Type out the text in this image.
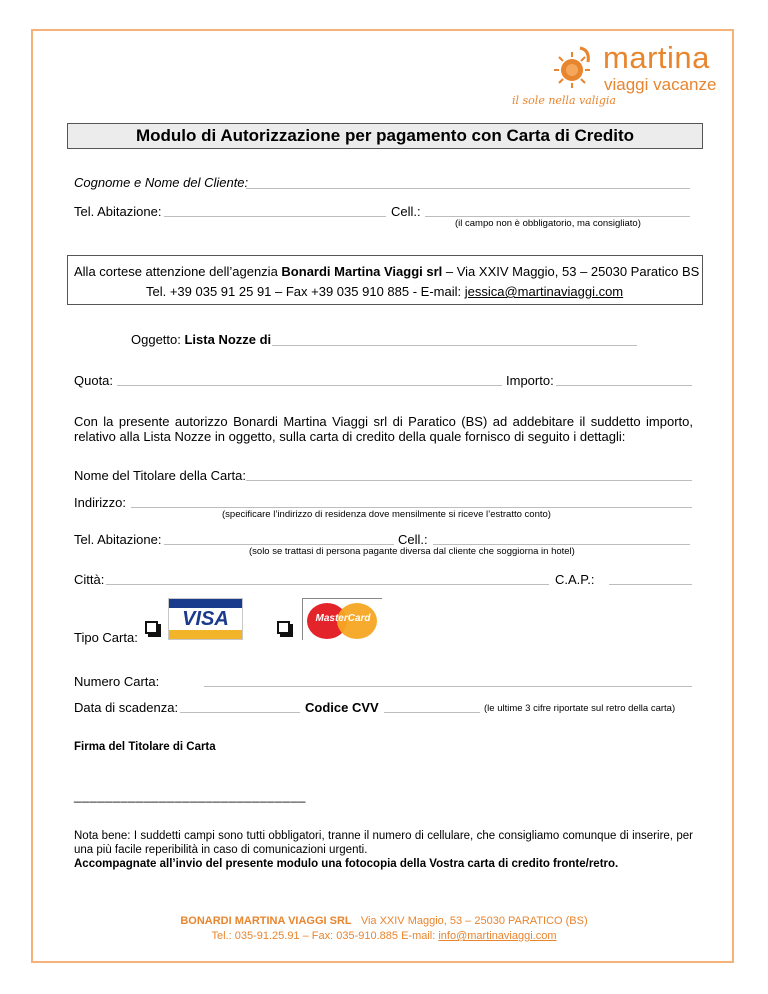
martina
viaggi vacanze
il sole nella valigia
Modulo di Autorizzazione per pagamento con Carta di Credito
Cognome e Nome del Cliente:
Tel. Abitazione:	Cell.:
(il campo non è obbligatorio, ma consigliato)
Alla cortese attenzione dell’agenzia Bonardi Martina Viaggi srl – Via XXIV Maggio, 53 – 25030 Paratico BS
Tel. +39 035 91 25 91 – Fax +39 035 910 885 - E-mail: jessica@martinaviaggi.com
Oggetto: Lista Nozze di
Quota:	Importo:
Con la presente autorizzo Bonardi Martina Viaggi srl di Paratico (BS) ad addebitare il suddetto importo, relativo alla Lista Nozze in oggetto, sulla carta di credito della quale fornisco di seguito i dettagli:
Nome del Titolare della Carta:
Indirizzo:
(specificare l’indirizzo di residenza dove mensilmente si riceve l’estratto conto)
Tel. Abitazione:	Cell.:
(solo se trattasi di persona pagante diversa dal cliente che soggiorna in hotel)
Città:	C.A.P.:
Tipo Carta:
VISA	MasterCard
Numero Carta:
Data di scadenza:	Codice CVV	(le ultime 3 cifre riportate sul retro della carta)
Firma del Titolare di Carta
______________________________
Nota bene: I suddetti campi sono tutti obbligatori, tranne il numero di cellulare, che consigliamo comunque di inserire, per una più facile reperibilità in caso di comunicazioni urgenti.
Accompagnate all’invio del presente modulo una fotocopia della Vostra carta di credito fronte/retro.
BONARDI MARTINA VIAGGI SRL Via XXIV Maggio, 53 – 25030 PARATICO (BS)
Tel.: 035-91.25.91 – Fax: 035-910.885 E-mail: info@martinaviaggi.com
